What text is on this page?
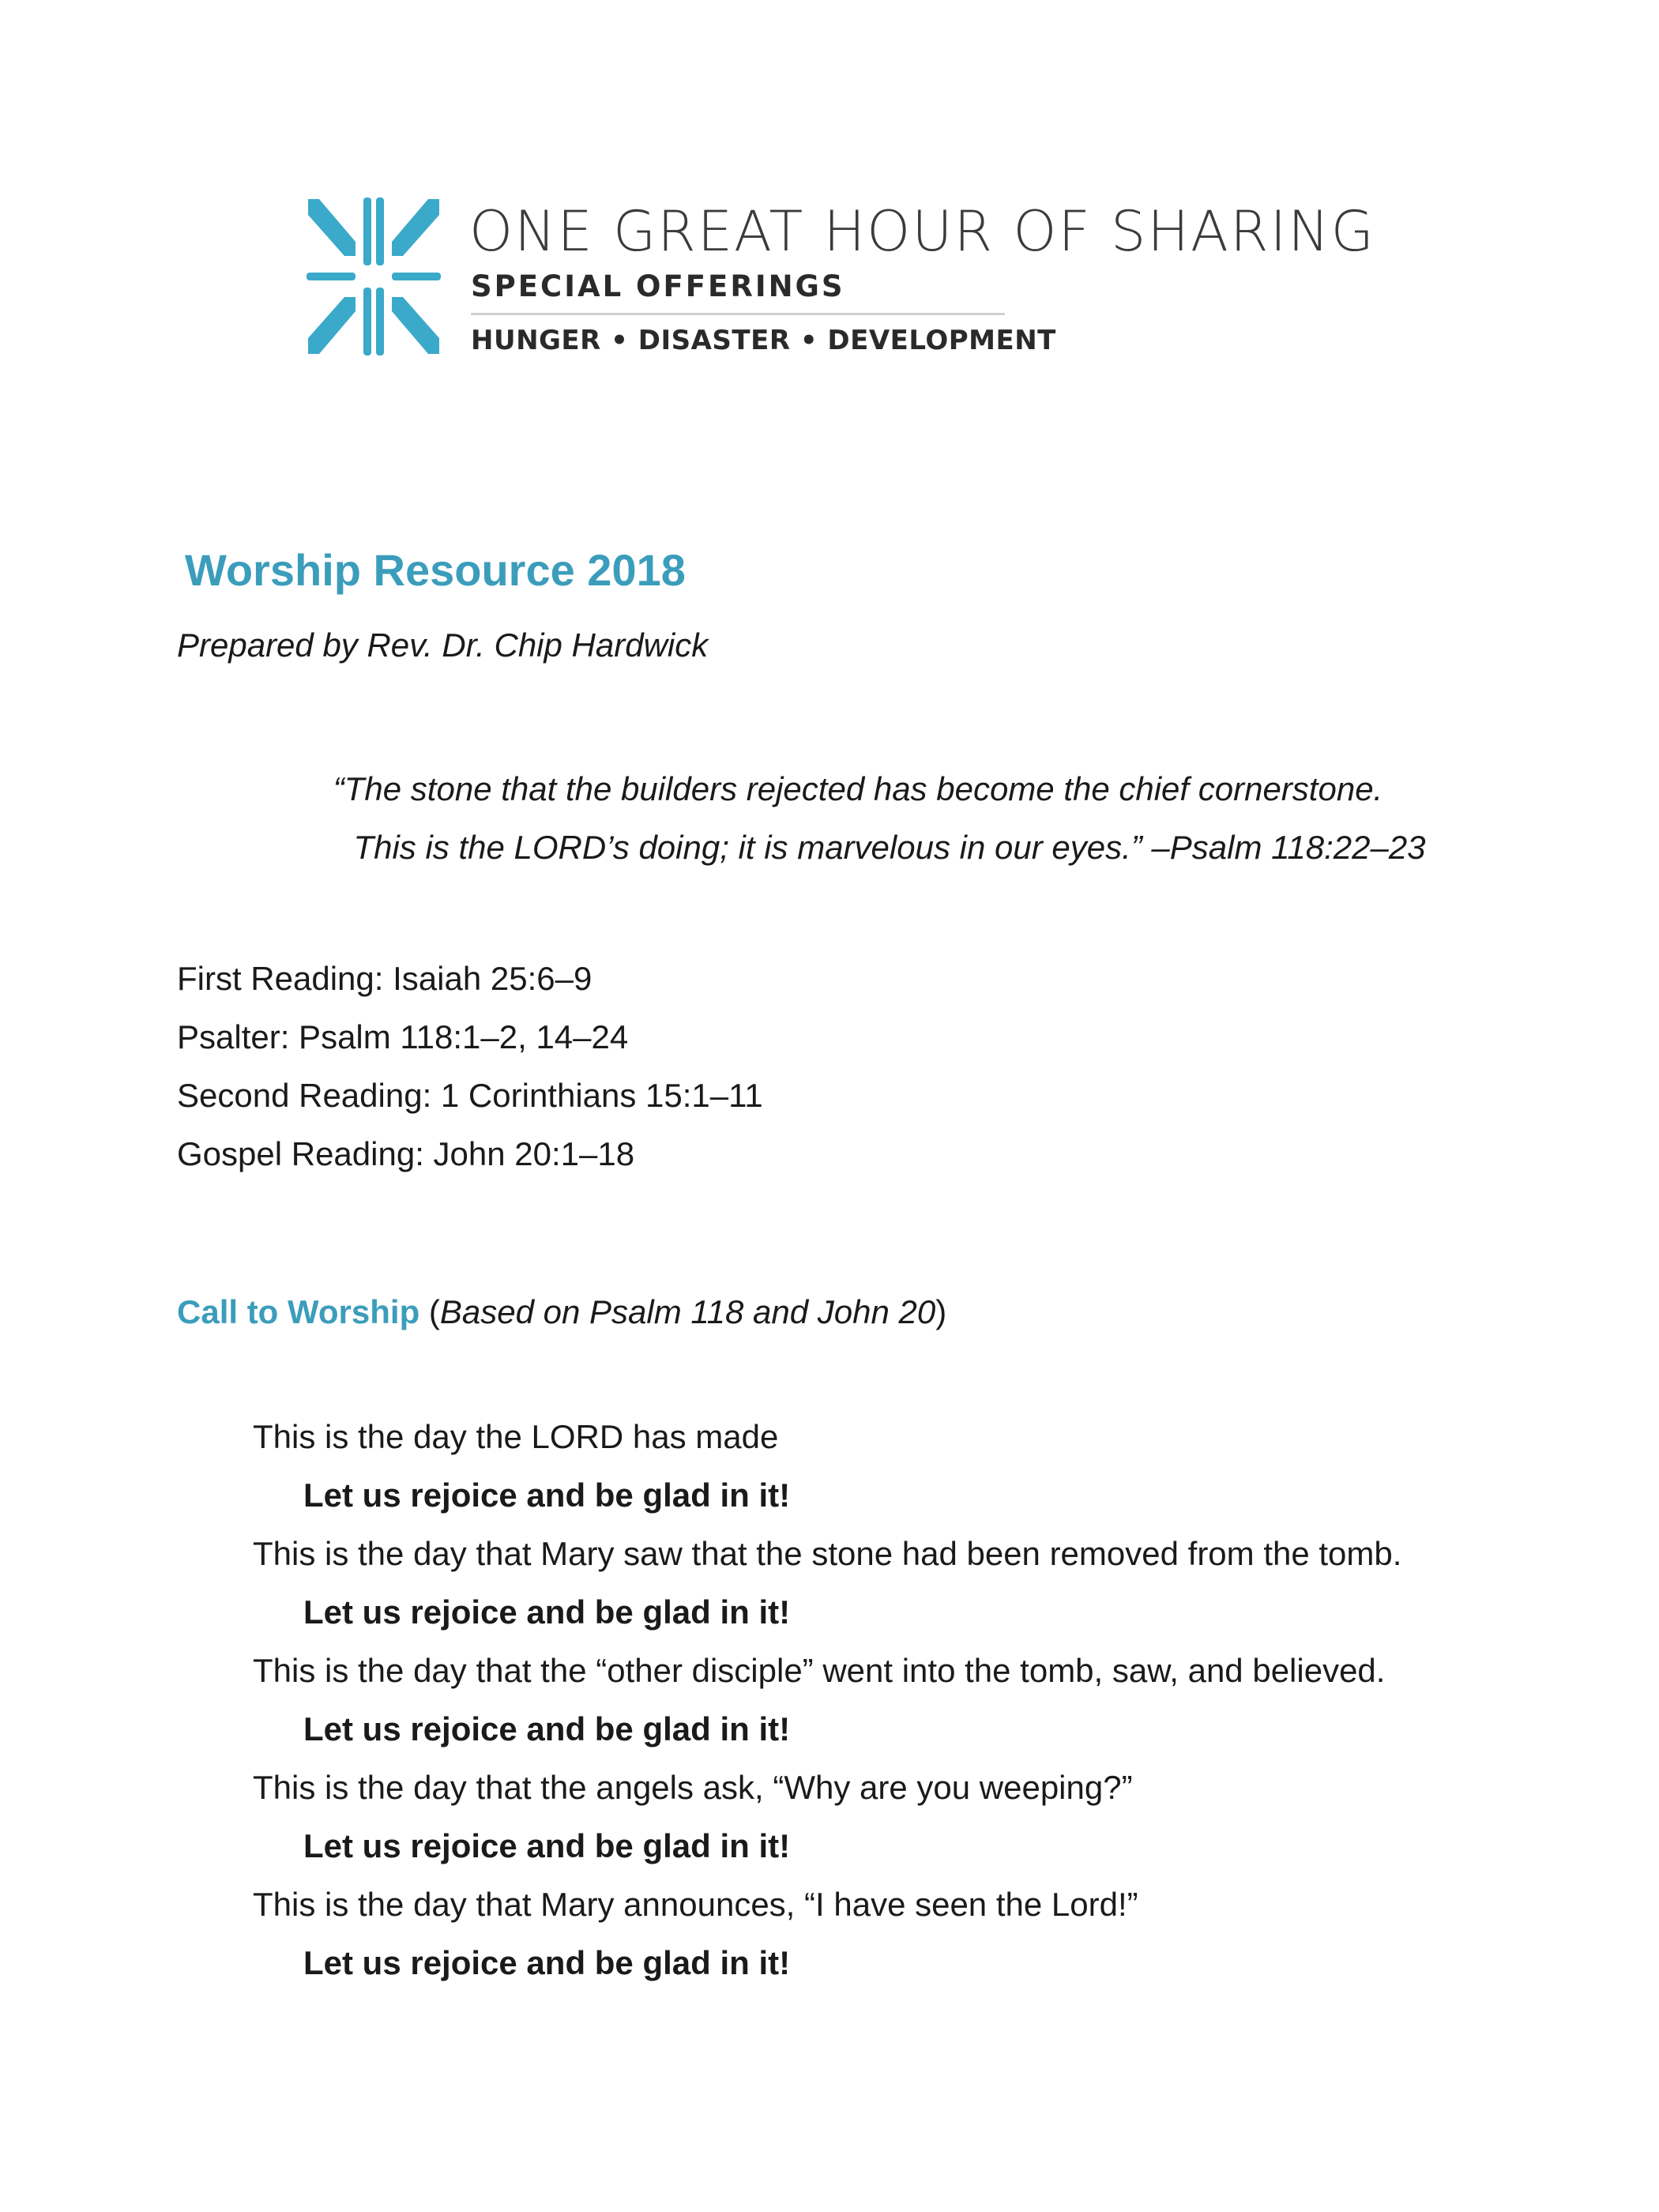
ONE GREAT HOUR OF SHARING
SPECIAL OFFERINGS
HUNGER • DISASTER • DEVELOPMENT
Worship Resource 2018
Prepared by Rev. Dr. Chip Hardwick
“The stone that the builders rejected has become the chief cornerstone.
This is the LORD’s doing; it is marvelous in our eyes.” –Psalm 118:22–23
First Reading: Isaiah 25:6–9
Psalter: Psalm 118:1–2, 14–24
Second Reading: 1 Corinthians 15:1–11
Gospel Reading: John 20:1–18
Call to Worship (Based on Psalm 118 and John 20)
This is the day the LORD has made
Let us rejoice and be glad in it!
This is the day that Mary saw that the stone had been removed from the tomb.
Let us rejoice and be glad in it!
This is the day that the “other disciple” went into the tomb, saw, and believed.
Let us rejoice and be glad in it!
This is the day that the angels ask, “Why are you weeping?”
Let us rejoice and be glad in it!
This is the day that Mary announces, “I have seen the Lord!”
Let us rejoice and be glad in it!
